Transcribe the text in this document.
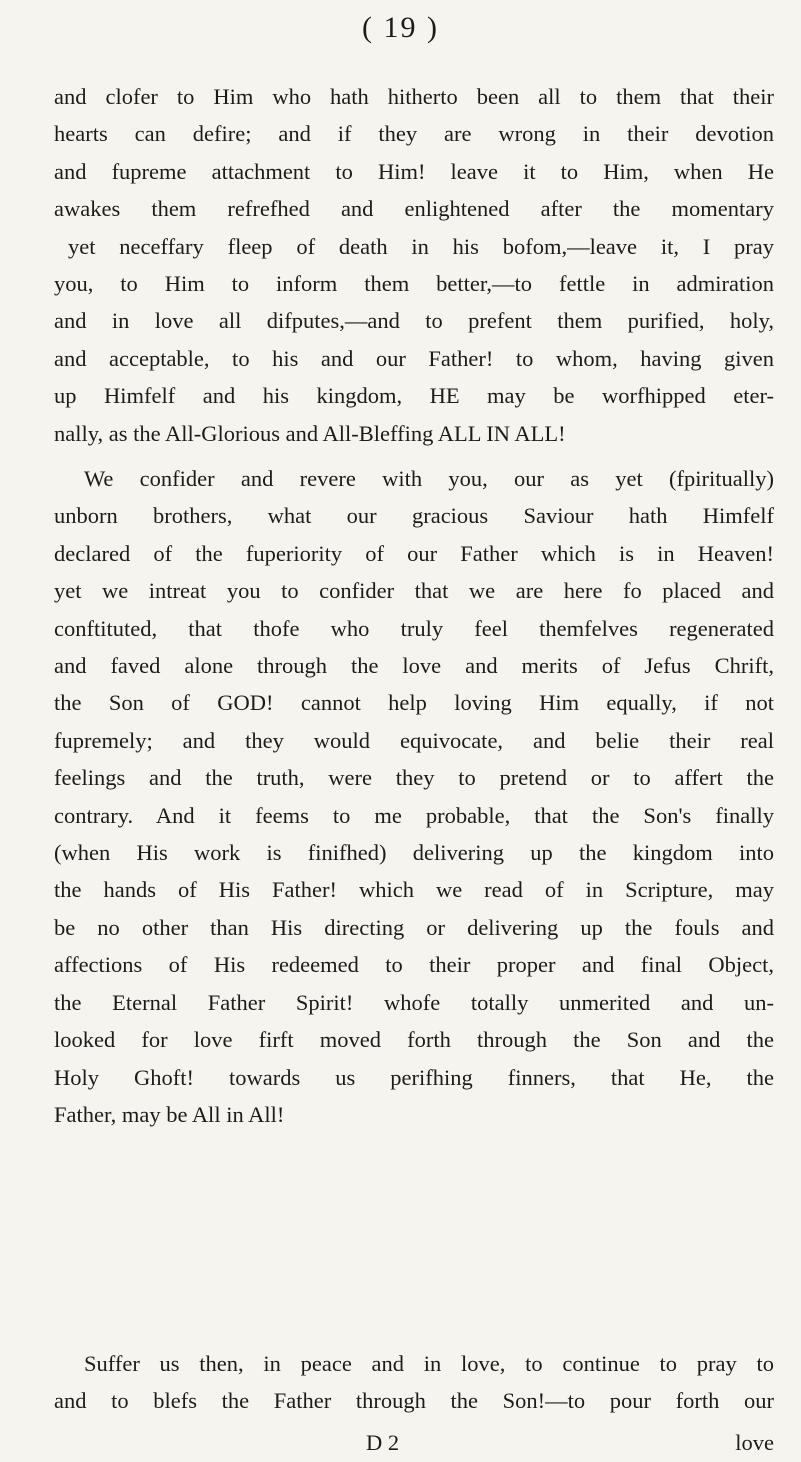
( 19 )
and clofer to Him who hath hitherto been all to them that their
hearts can defire; and if they are wrong in their devotion
and fupreme attachment to Him! leave it to Him, when He
awakes them refrefhed and enlightened after the momentary
yet neceffary fleep of death in his bofom,—leave it, I pray
you, to Him to inform them better,—to fettle in admiration
and in love all difputes,—and to prefent them purified, holy,
and acceptable, to his and our Father! to whom, having given
up Himfelf and his kingdom, HE may be worfhipped eter-
nally, as the All-Glorious and All-Bleffing ALL IN ALL!
We confider and revere with you, our as yet (fpiritually)
unborn brothers, what our gracious Saviour hath Himfelf
declared of the fuperiority of our Father which is in Heaven!
yet we intreat you to confider that we are here fo placed and
conftituted, that thofe who truly feel themfelves regenerated
and faved alone through the love and merits of Jefus Chrift,
the Son of GOD! cannot help loving Him equally, if not
fupremely; and they would equivocate, and belie their real
feelings and the truth, were they to pretend or to affert the
contrary. And it feems to me probable, that the Son's finally
(when His work is finifhed) delivering up the kingdom into
the hands of His Father! which we read of in Scripture, may
be no other than His directing or delivering up the fouls and
affections of His redeemed to their proper and final Object,
the Eternal Father Spirit! whofe totally unmerited and un-
looked for love firft moved forth through the Son and the
Holy Ghoft! towards us perifhing finners, that He, the
Father, may be All in All!
Suffer us then, in peace and in love, to continue to pray to
and to blefs the Father through the Son!—to pour forth our
D 2	love
